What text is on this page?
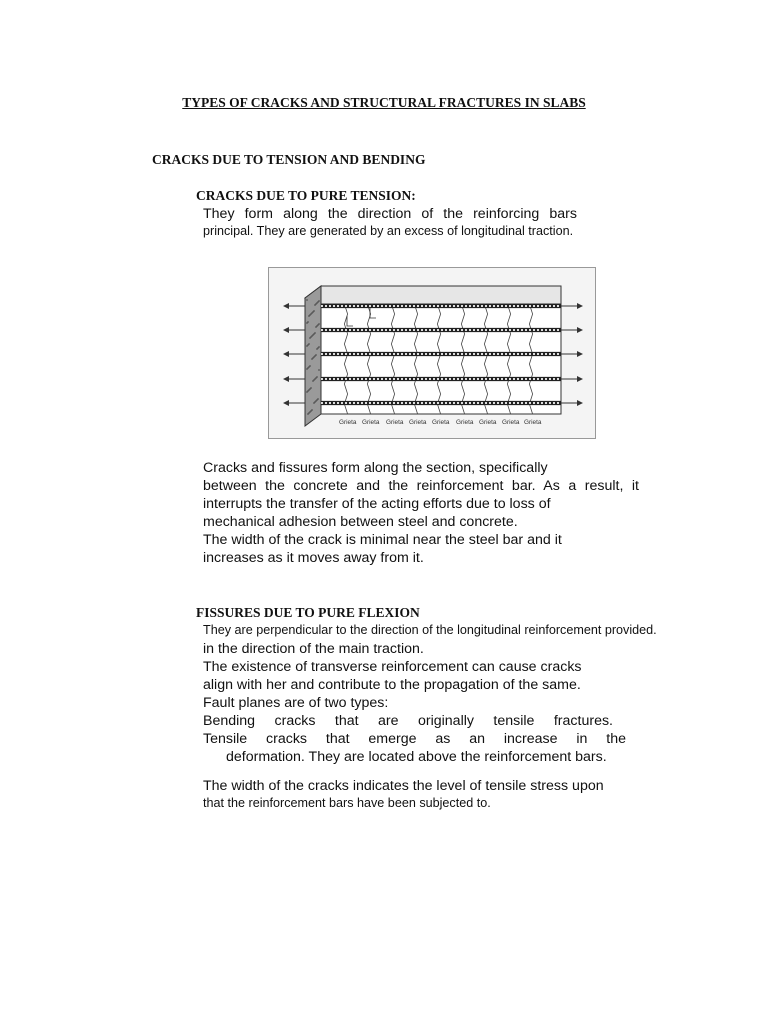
TYPES OF CRACKS AND STRUCTURAL FRACTURES IN SLABS
CRACKS DUE TO TENSION AND BENDING
CRACKS DUE TO PURE TENSION:
They form along the direction of the reinforcing bars
principal. They are generated by an excess of longitudinal traction.
Grieta Grieta Grieta Grieta Grieta Grieta Grieta Grieta Grieta
Cracks and fissures form along the section, specifically
between the concrete and the reinforcement bar. As a result, it
interrupts the transfer of the acting efforts due to loss of
mechanical adhesion between steel and concrete.
The width of the crack is minimal near the steel bar and it
increases as it moves away from it.
FISSURES DUE TO PURE FLEXION
They are perpendicular to the direction of the longitudinal reinforcement provided.
in the direction of the main traction.
The existence of transverse reinforcement can cause cracks
align with her and contribute to the propagation of the same.
Fault planes are of two types:
Bending cracks that are originally tensile fractures.
Tensile cracks that emerge as an increase in the
deformation. They are located above the reinforcement bars.
The width of the cracks indicates the level of tensile stress upon
that the reinforcement bars have been subjected to.
